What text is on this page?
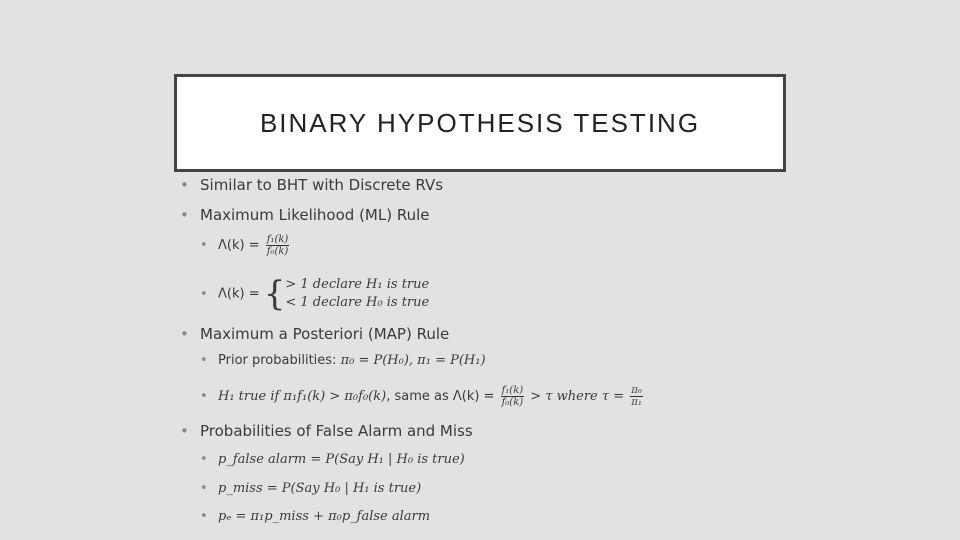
BINARY HYPOTHESIS TESTING
• Similar to BHT with Discrete RVs
• Maximum Likelihood (ML) Rule
• $\Lambda(k) = \frac{\text{f₁(k)}}{\text{f₀(k)}}$
• Λ(k) = { > 1 declare H₁ is true
< 1 declare H₀ is true
• Maximum a Posteriori (MAP) Rule
• Prior probabilities: π₀ = P(H₀), π₁ = P(H₁)
• H₁ true if π₁f₁(k) > π₀f₀(k), same as $\Lambda(k) = \frac{\text{f₁(k)}}{\text{f₀(k)}} > \tau$ where $\tau = \frac{\text{π₀}}{\text{π₁}}$
• Probabilities of False Alarm and Miss
• p_false alarm = P(Say H₁ | H₀ is true)
• p_miss = P(Say H₀ | H₁ is true)
• pₑ = π₁p_miss + π₀p_false alarm
